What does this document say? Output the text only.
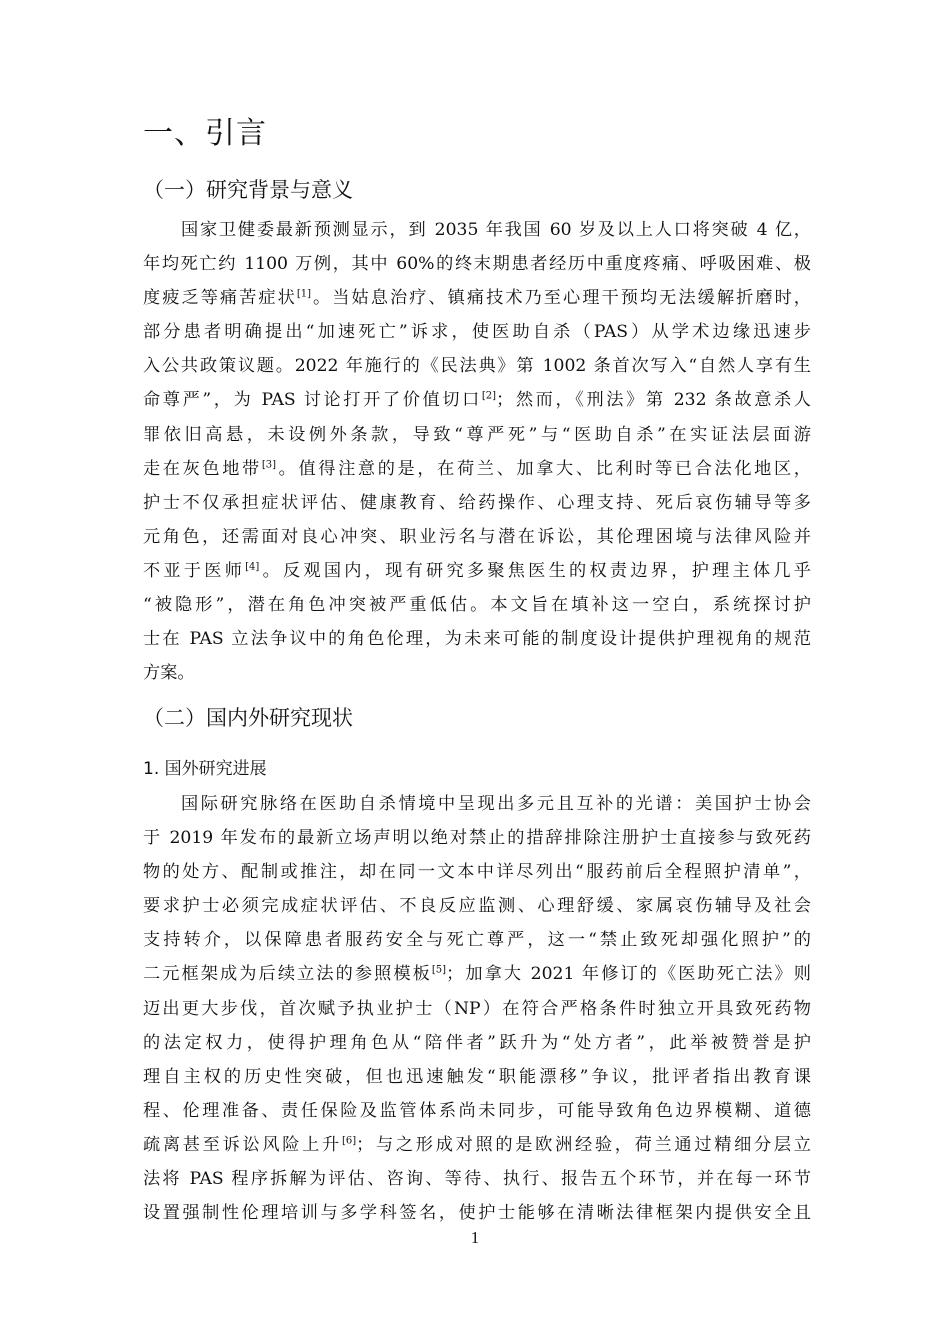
一、引言
（一）研究背景与意义
国家卫健委最新预测显示，到 2035 年我国 60 岁及以上人口将突破 4 亿，
年均死亡约 1100 万例，其中 60%的终末期患者经历中重度疼痛、呼吸困难、极
度疲乏等痛苦症状[1]。当姑息治疗、镇痛技术乃至心理干预均无法缓解折磨时，
部分患者明确提出“加速死亡”诉求，使医助自杀（PAS）从学术边缘迅速步
入公共政策议题。2022 年施行的《民法典》第 1002 条首次写入“自然人享有生
命尊严”，为 PAS 讨论打开了价值切口[2]；然而，《刑法》第 232 条故意杀人
罪依旧高悬，未设例外条款，导致“尊严死”与“医助自杀”在实证法层面游
走在灰色地带[3]。值得注意的是，在荷兰、加拿大、比利时等已合法化地区，
护士不仅承担症状评估、健康教育、给药操作、心理支持、死后哀伤辅导等多
元角色，还需面对良心冲突、职业污名与潜在诉讼，其伦理困境与法律风险并
不亚于医师[4]。反观国内，现有研究多聚焦医生的权责边界，护理主体几乎
“被隐形”，潜在角色冲突被严重低估。本文旨在填补这一空白，系统探讨护
士在 PAS 立法争议中的角色伦理，为未来可能的制度设计提供护理视角的规范
方案。
（二）国内外研究现状
1. 国外研究进展
国际研究脉络在医助自杀情境中呈现出多元且互补的光谱：美国护士协会
于 2019 年发布的最新立场声明以绝对禁止的措辞排除注册护士直接参与致死药
物的处方、配制或推注，却在同一文本中详尽列出“服药前后全程照护清单”，
要求护士必须完成症状评估、不良反应监测、心理舒缓、家属哀伤辅导及社会
支持转介，以保障患者服药安全与死亡尊严，这一“禁止致死却强化照护”的
二元框架成为后续立法的参照模板[5]；加拿大 2021 年修订的《医助死亡法》则
迈出更大步伐，首次赋予执业护士（NP）在符合严格条件时独立开具致死药物
的法定权力，使得护理角色从“陪伴者”跃升为“处方者”，此举被赞誉是护
理自主权的历史性突破，但也迅速触发“职能漂移”争议，批评者指出教育课
程、伦理准备、责任保险及监管体系尚未同步，可能导致角色边界模糊、道德
疏离甚至诉讼风险上升[6]；与之形成对照的是欧洲经验，荷兰通过精细分层立
法将 PAS 程序拆解为评估、咨询、等待、执行、报告五个环节，并在每一环节
设置强制性伦理培训与多学科签名，使护士能够在清晰法律框架内提供安全且
1
